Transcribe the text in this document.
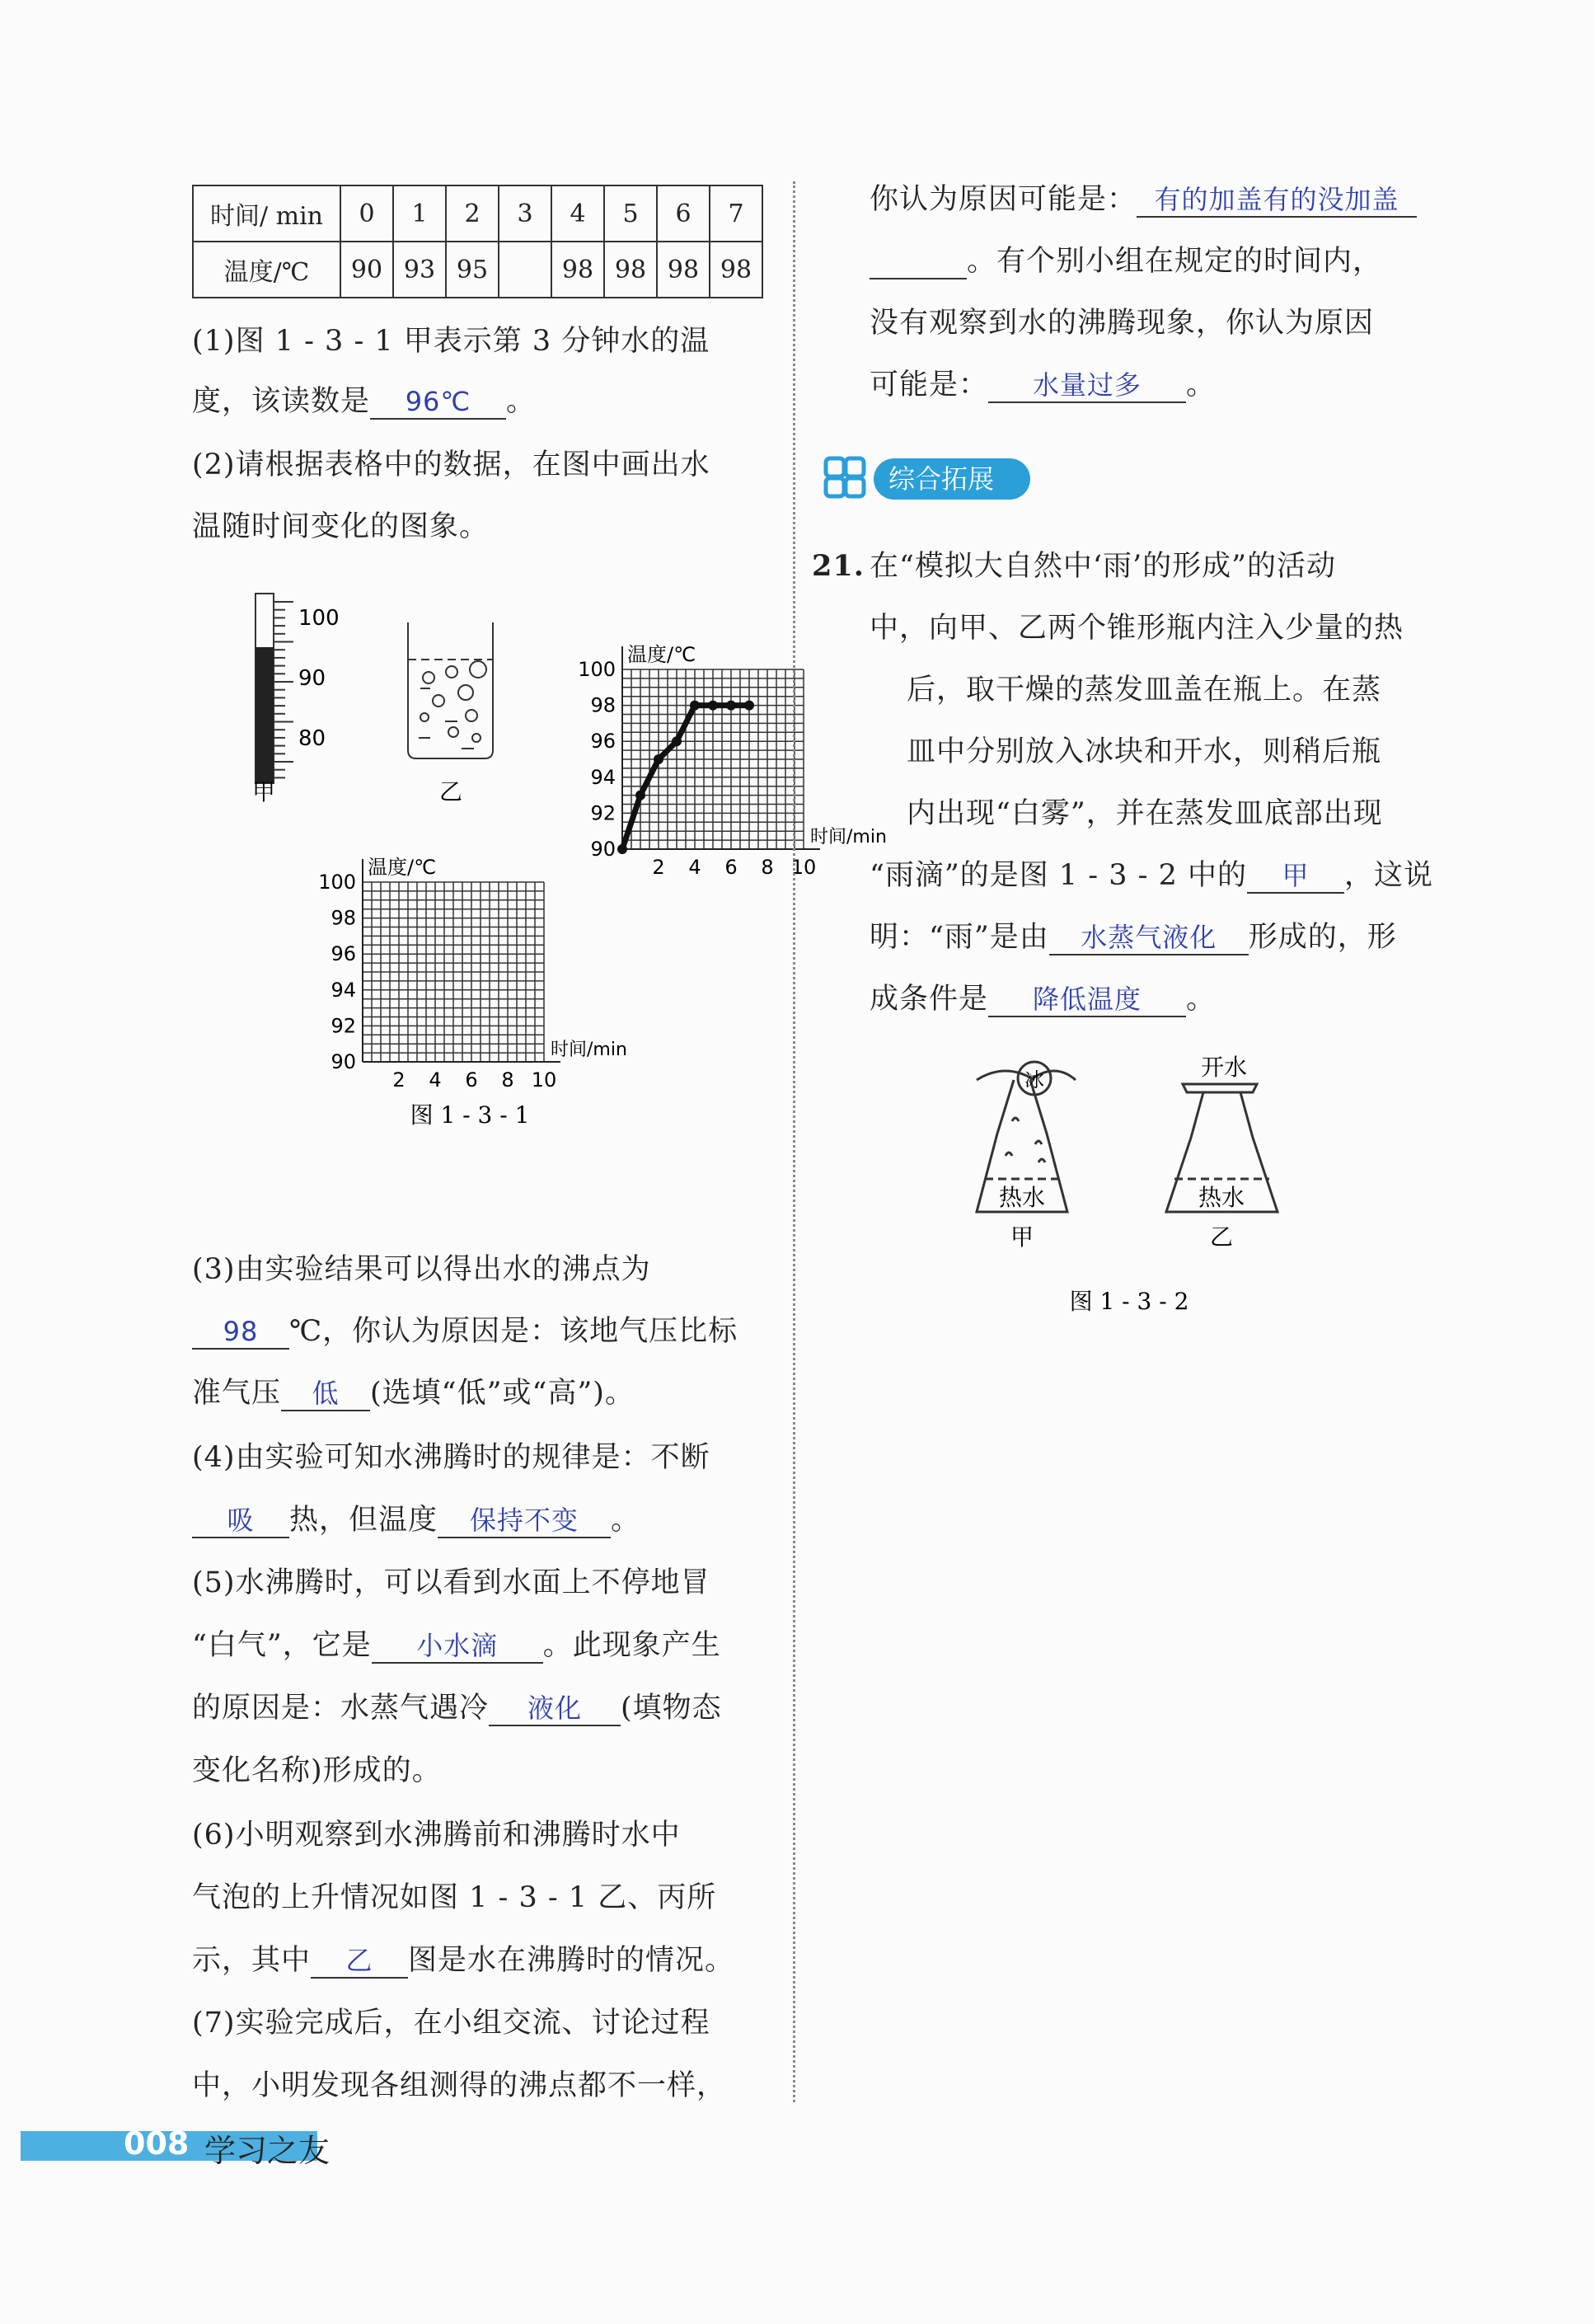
时间/ min	0	1	2	3	4	5	6	7
温度/℃	90	93	95		98	98	98	98
(1)图 1 - 3 - 1 甲表示第 3 分钟水的温
度，该读数是 96℃ 。
(2)请根据表格中的数据，在图中画出水
温随时间变化的图象。
100
90
80
甲	乙
90
92
94
96
98
100
2 4 6 8 10
温度/℃
时间/min
90
92
94
96
98
100
2 4 6 8 10
温度/℃
时间/min
图 1 - 3 - 1
(3)由实验结果可以得出水的沸点为
98 ℃，你认为原因是：该地气压比标
准气压 低 (选填“低”或“高”)。
(4)由实验可知水沸腾时的规律是：不断
吸 热，但温度 保持不变 。
(5)水沸腾时，可以看到水面上不停地冒
“白气”，它是 小水滴 。此现象产生
的原因是：水蒸气遇冷 液化 (填物态
变化名称)形成的。
(6)小明观察到水沸腾前和沸腾时水中
气泡的上升情况如图 1 - 3 - 1 乙、丙所
示，其中 乙 图是水在沸腾时的情况。
(7)实验完成后，在小组交流、讨论过程
中，小明发现各组测得的沸点都不一样，
你认为原因可能是： 有的加盖有的没加盖
。有个别小组在规定的时间内，
没有观察到水的沸腾现象，你认为原因
可能是： 水量过多 。
综合拓展
21. 在“模拟大自然中‘雨’的形成”的活动
中，向甲、乙两个锥形瓶内注入少量的热
后，取干燥的蒸发皿盖在瓶上。在蒸
皿中分别放入冰块和开水，则稍后瓶
内出现“白雾”，并在蒸发皿底部出现
“雨滴”的是图 1 - 3 - 2 中的 甲 ，这说
明：“雨”是由 水蒸气液化 形成的，形
成条件是 降低温度 。
冰
热水
甲
开水
热水
乙
图 1 - 3 - 2
008 学习之友
